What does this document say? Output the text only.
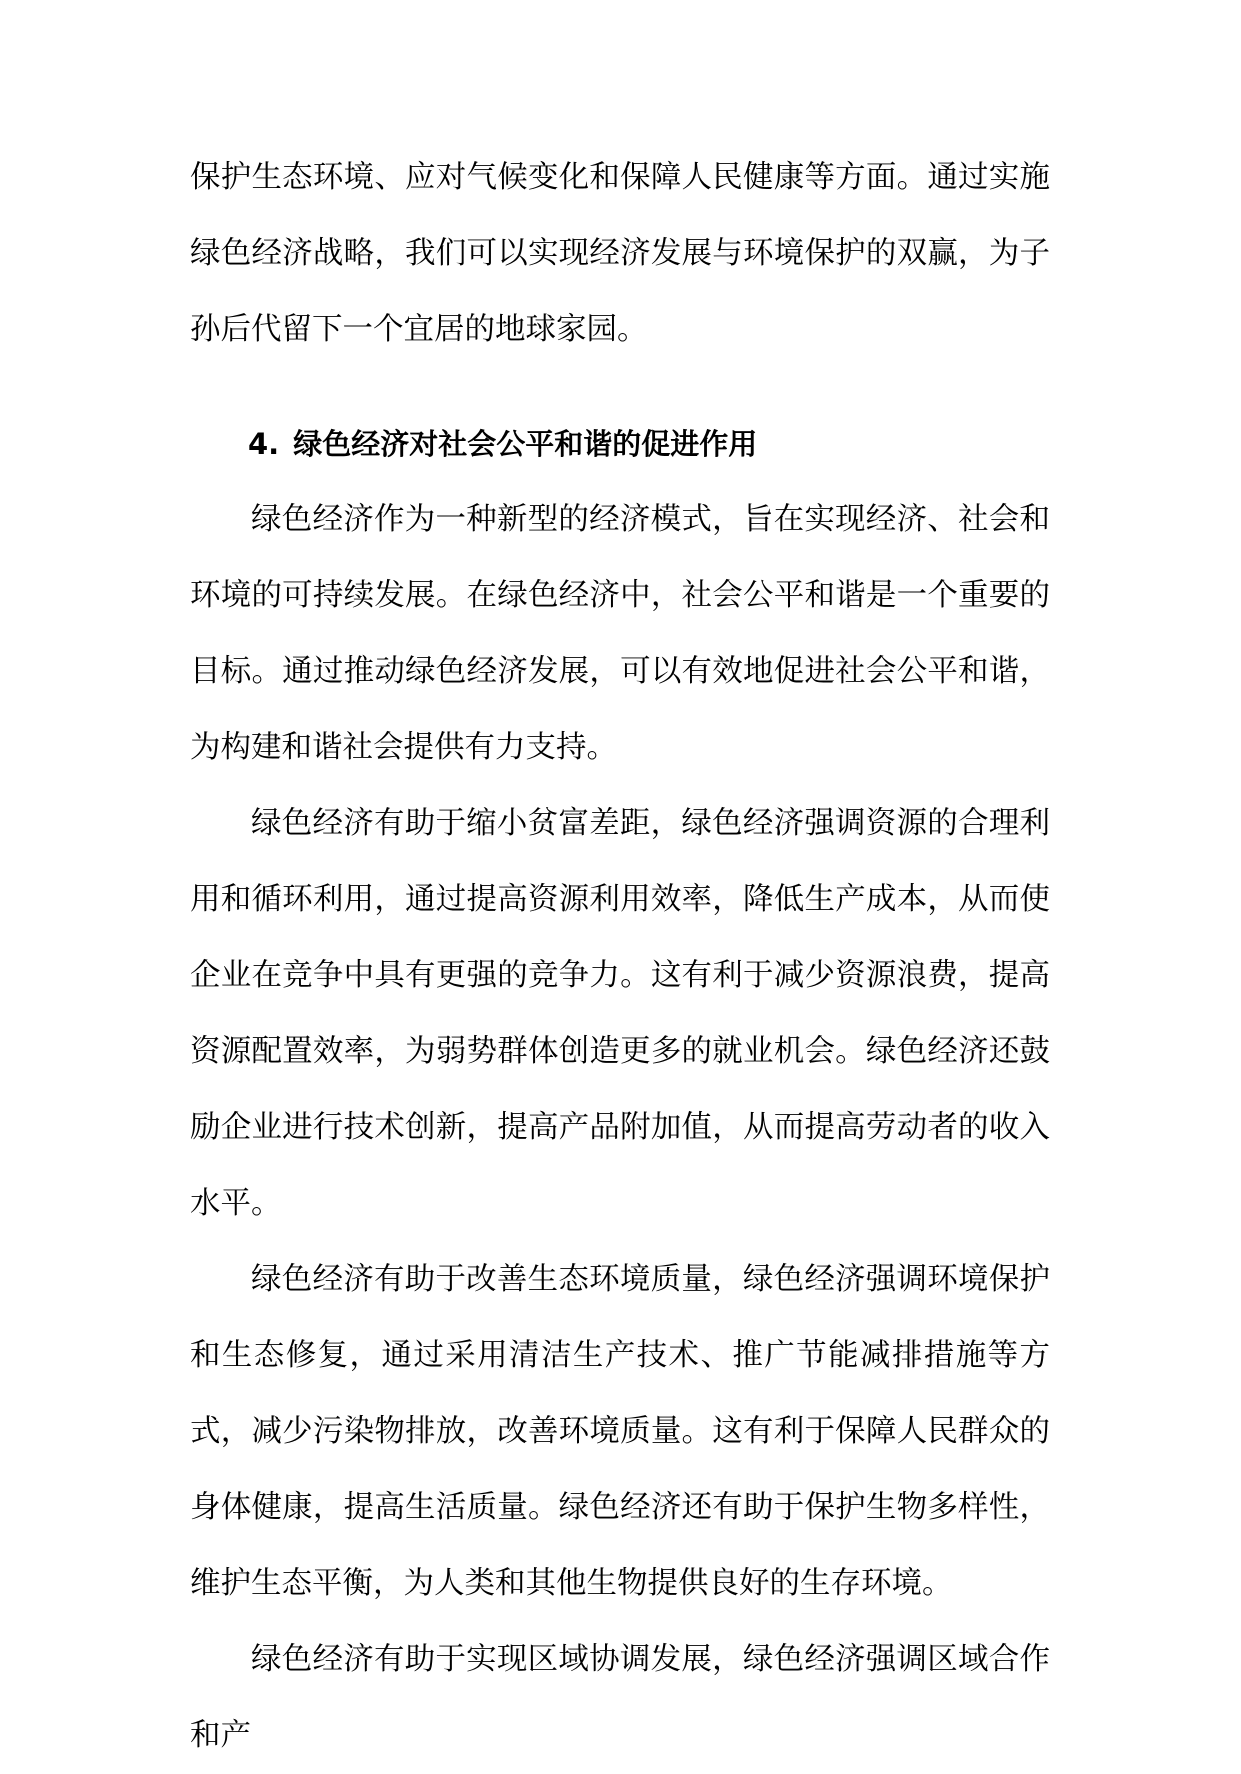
保护生态环境、应对气候变化和保障人民健康等方面。通过实施绿色经济战略，我们可以实现经济发展与环境保护的双赢，为子孙后代留下一个宜居的地球家园。

4. 绿色经济对社会公平和谐的促进作用

绿色经济作为一种新型的经济模式，旨在实现经济、社会和环境的可持续发展。在绿色经济中，社会公平和谐是一个重要的目标。通过推动绿色经济发展，可以有效地促进社会公平和谐，为构建和谐社会提供有力支持。

绿色经济有助于缩小贫富差距，绿色经济强调资源的合理利用和循环利用，通过提高资源利用效率，降低生产成本，从而使企业在竞争中具有更强的竞争力。这有利于减少资源浪费，提高资源配置效率，为弱势群体创造更多的就业机会。绿色经济还鼓励企业进行技术创新，提高产品附加值，从而提高劳动者的收入水平。

绿色经济有助于改善生态环境质量，绿色经济强调环境保护和生态修复，通过采用清洁生产技术、推广节能减排措施等方式，减少污染物排放，改善环境质量。这有利于保障人民群众的身体健康，提高生活质量。绿色经济还有助于保护生物多样性，维护生态平衡，为人类和其他生物提供良好的生存环境。

绿色经济有助于实现区域协调发展，绿色经济强调区域合作和产
